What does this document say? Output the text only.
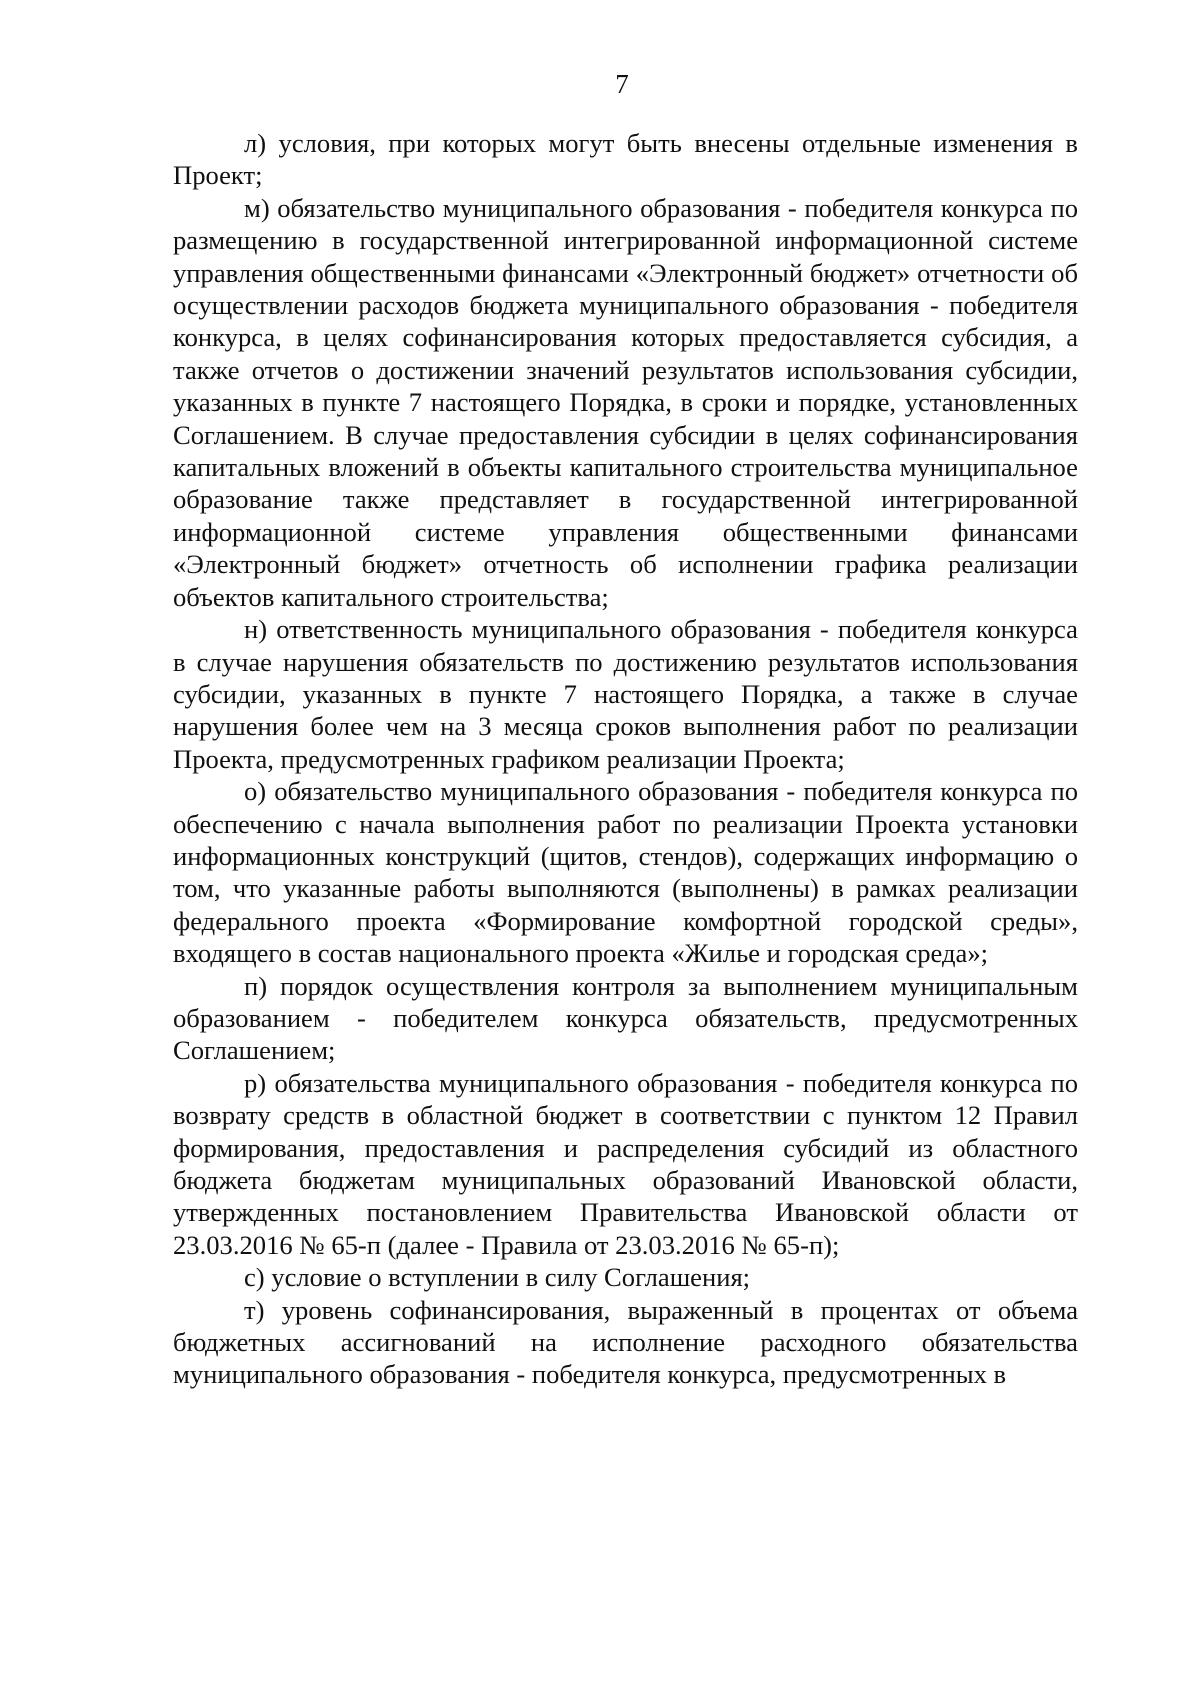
7

л) условия, при которых могут быть внесены отдельные изменения в Проект;

м) обязательство муниципального образования - победителя конкурса по размещению в государственной интегрированной информационной системе управления общественными финансами «Электронный бюджет» отчетности об осуществлении расходов бюджета муниципального образования - победителя конкурса, в целях софинансирования которых предоставляется субсидия, а также отчетов о достижении значений результатов использования субсидии, указанных в пункте 7 настоящего Порядка, в сроки и порядке, установленных Соглашением. В случае предоставления субсидии в целях софинансирования капитальных вложений в объекты капитального строительства муниципальное образование также представляет в государственной интегрированной информационной системе управления общественными финансами «Электронный бюджет» отчетность об исполнении графика реализации объектов капитального строительства;

н) ответственность муниципального образования - победителя конкурса в случае нарушения обязательств по достижению результатов использования субсидии, указанных в пункте 7 настоящего Порядка, а также в случае нарушения более чем на 3 месяца сроков выполнения работ по реализации Проекта, предусмотренных графиком реализации Проекта;

о) обязательство муниципального образования - победителя конкурса по обеспечению с начала выполнения работ по реализации Проекта установки информационных конструкций (щитов, стендов), содержащих информацию о том, что указанные работы выполняются (выполнены) в рамках реализации федерального проекта «Формирование комфортной городской среды», входящего в состав национального проекта «Жилье и городская среда»;

п) порядок осуществления контроля за выполнением муниципальным образованием - победителем конкурса обязательств, предусмотренных Соглашением;

р) обязательства муниципального образования - победителя конкурса по возврату средств в областной бюджет в соответствии с пунктом 12 Правил формирования, предоставления и распределения субсидий из областного бюджета бюджетам муниципальных образований Ивановской области, утвержденных постановлением Правительства Ивановской области от 23.03.2016 № 65-п (далее - Правила от 23.03.2016 № 65-п);

с) условие о вступлении в силу Соглашения;

т) уровень софинансирования, выраженный в процентах от объема бюджетных ассигнований на исполнение расходного обязательства муниципального образования - победителя конкурса, предусмотренных в
